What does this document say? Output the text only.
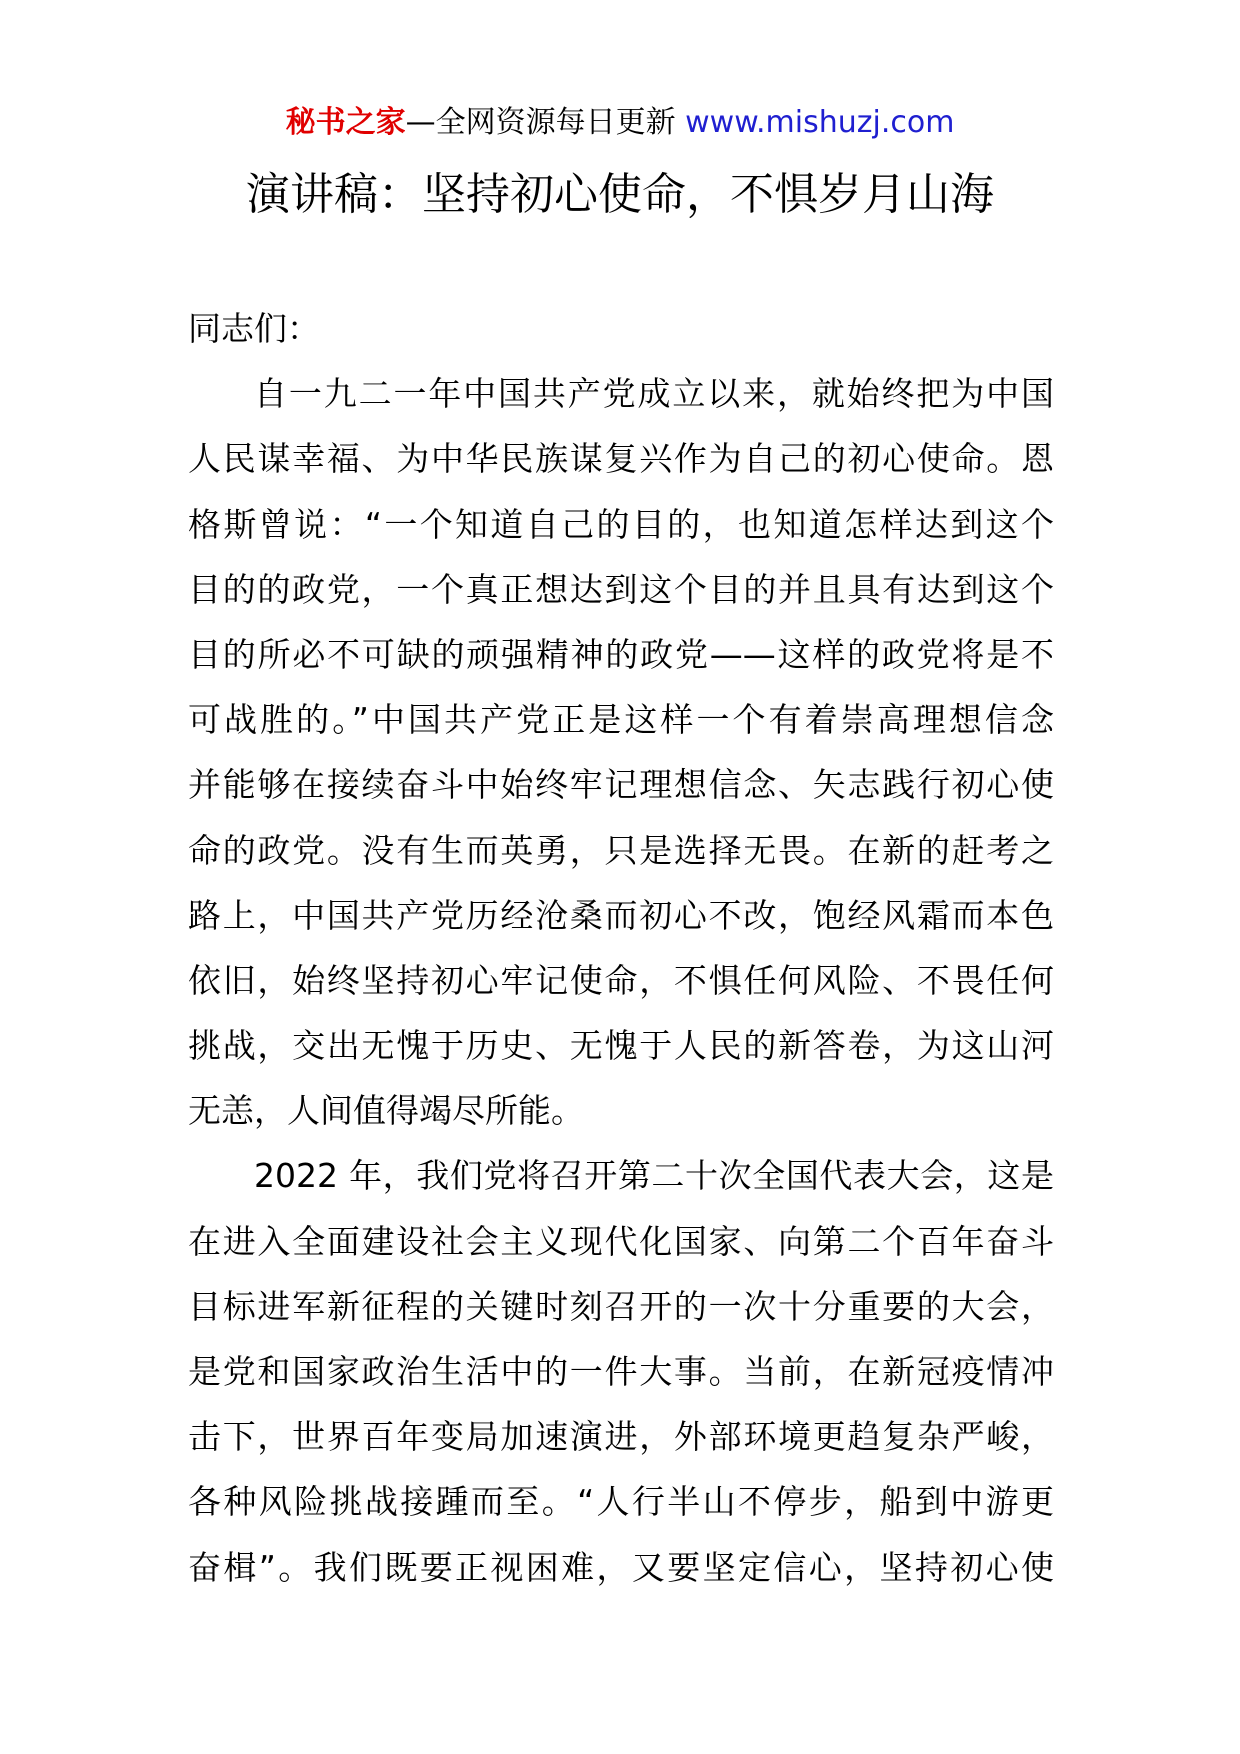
秘书之家—全网资源每日更新 www.mishuzj.com
演讲稿：坚持初心使命，不惧岁月山海
同志们：
自一九二一年中国共产党成立以来，就始终把为中国
人民谋幸福、为中华民族谋复兴作为自己的初心使命。恩
格斯曾说：“一个知道自己的目的，也知道怎样达到这个
目的的政党，一个真正想达到这个目的并且具有达到这个
目的所必不可缺的顽强精神的政党——这样的政党将是不
可战胜的。”中国共产党正是这样一个有着崇高理想信念
并能够在接续奋斗中始终牢记理想信念、矢志践行初心使
命的政党。没有生而英勇，只是选择无畏。在新的赶考之
路上，中国共产党历经沧桑而初心不改，饱经风霜而本色
依旧，始终坚持初心牢记使命，不惧任何风险、不畏任何
挑战，交出无愧于历史、无愧于人民的新答卷，为这山河
无恙，人间值得竭尽所能。
2022 年，我们党将召开第二十次全国代表大会，这是
在进入全面建设社会主义现代化国家、向第二个百年奋斗
目标进军新征程的关键时刻召开的一次十分重要的大会，
是党和国家政治生活中的一件大事。当前，在新冠疫情冲
击下，世界百年变局加速演进，外部环境更趋复杂严峻，
各种风险挑战接踵而至。“人行半山不停步，船到中游更
奋楫”。我们既要正视困难，又要坚定信心，坚持初心使
